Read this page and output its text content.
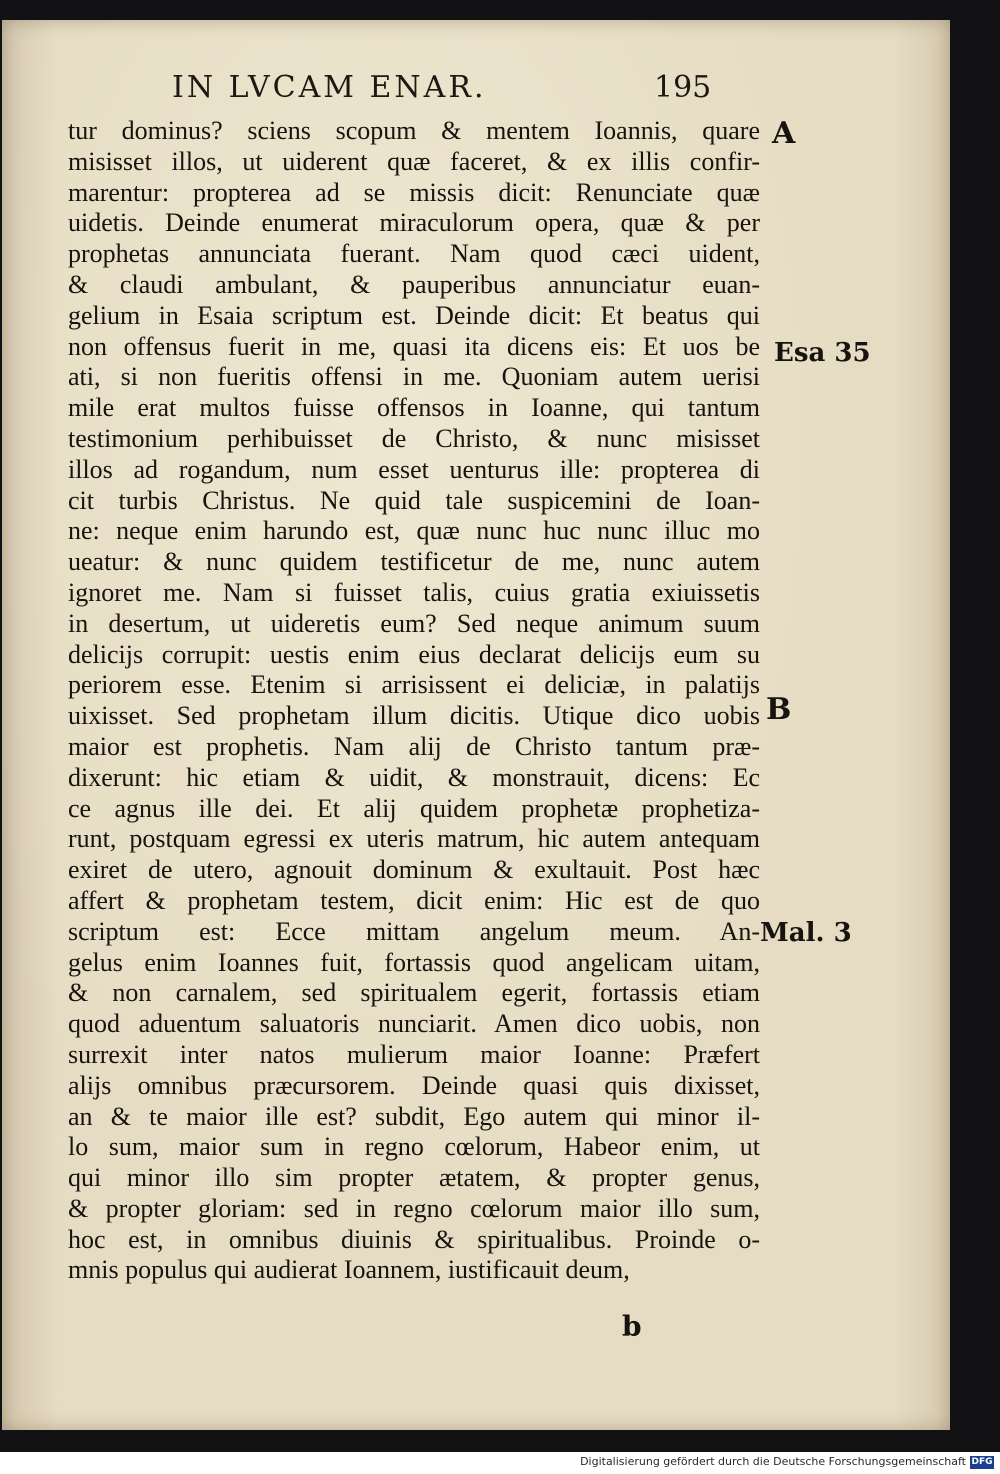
IN LVCAM ENAR.	195
tur dominus? sciens scopum & mentem Ioannis, quare
misisset illos, ut uiderent quæ faceret, & ex illis confir-
marentur: propterea ad se missis dicit: Renunciate quæ
uidetis. Deinde enumerat miraculorum opera, quæ & per
prophetas annunciata fuerant. Nam quod cæci uident,
& claudi ambulant, & pauperibus annunciatur euan-
gelium in Esaia scriptum est. Deinde dicit: Et beatus qui
non offensus fuerit in me, quasi ita dicens eis: Et uos be
ati, si non fueritis offensi in me. Quoniam autem uerisi
mile erat multos fuisse offensos in Ioanne, qui tantum
testimonium perhibuisset de Christo, & nunc misisset
illos ad rogandum, num esset uenturus ille: propterea di
cit turbis Christus. Ne quid tale suspicemini de Ioan-
ne: neque enim harundo est, quæ nunc huc nunc illuc mo
ueatur: & nunc quidem testificetur de me, nunc autem
ignoret me. Nam si fuisset talis, cuius gratia exiuissetis
in desertum, ut uideretis eum? Sed neque animum suum
delicijs corrupit: uestis enim eius declarat delicijs eum su
periorem esse. Etenim si arrisissent ei deliciæ, in palatijs
uixisset. Sed prophetam illum dicitis. Utique dico uobis
maior est prophetis. Nam alij de Christo tantum præ-
dixerunt: hic etiam & uidit, & monstrauit, dicens: Ec
ce agnus ille dei. Et alij quidem prophetæ prophetiza-
runt, postquam egressi ex uteris matrum, hic autem antequam
exiret de utero, agnouit dominum & exultauit. Post hæc
affert & prophetam testem, dicit enim: Hic est de quo
scriptum est: Ecce mittam angelum meum. An-
gelus enim Ioannes fuit, fortassis quod angelicam uitam,
& non carnalem, sed spiritualem egerit, fortassis etiam
quod aduentum saluatoris nunciarit. Amen dico uobis, non
surrexit inter natos mulierum maior Ioanne: Præfert
alijs omnibus præcursorem. Deinde quasi quis dixisset,
an & te maior ille est? subdit, Ego autem qui minor il-
lo sum, maior sum in regno cœlorum, Habeor enim, ut
qui minor illo sim propter ætatem, & propter genus,
& propter gloriam: sed in regno cœlorum maior illo sum,
hoc est, in omnibus diuinis & spiritualibus. Proinde o-
mnis populus qui audierat Ioannem, iustificauit deum,
A
Esa 35
B
Mal. 3
b
Digitalisierung gefördert durch die Deutsche Forschungsgemeinschaft DFG
